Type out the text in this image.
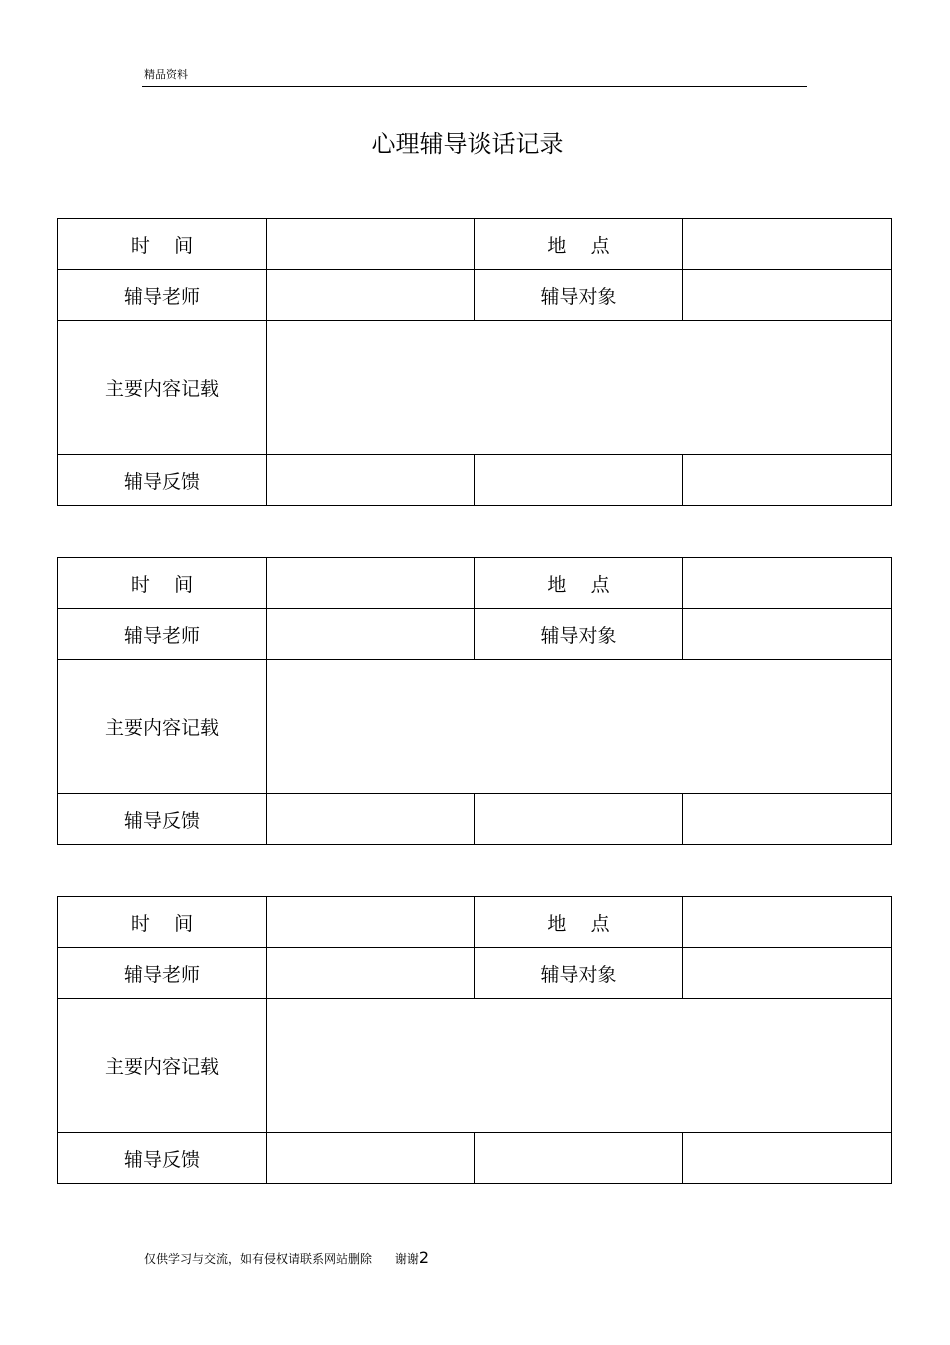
精品资料
心理辅导谈话记录
时    间		地    点	
辅导老师		辅导对象	
主要内容记载			
辅导反馈			
时    间		地    点	
辅导老师		辅导对象	
主要内容记载			
辅导反馈			
时    间		地    点	
辅导老师		辅导对象	
主要内容记载			
辅导反馈			
仅供学习与交流，如有侵权请联系网站删除 谢谢2
